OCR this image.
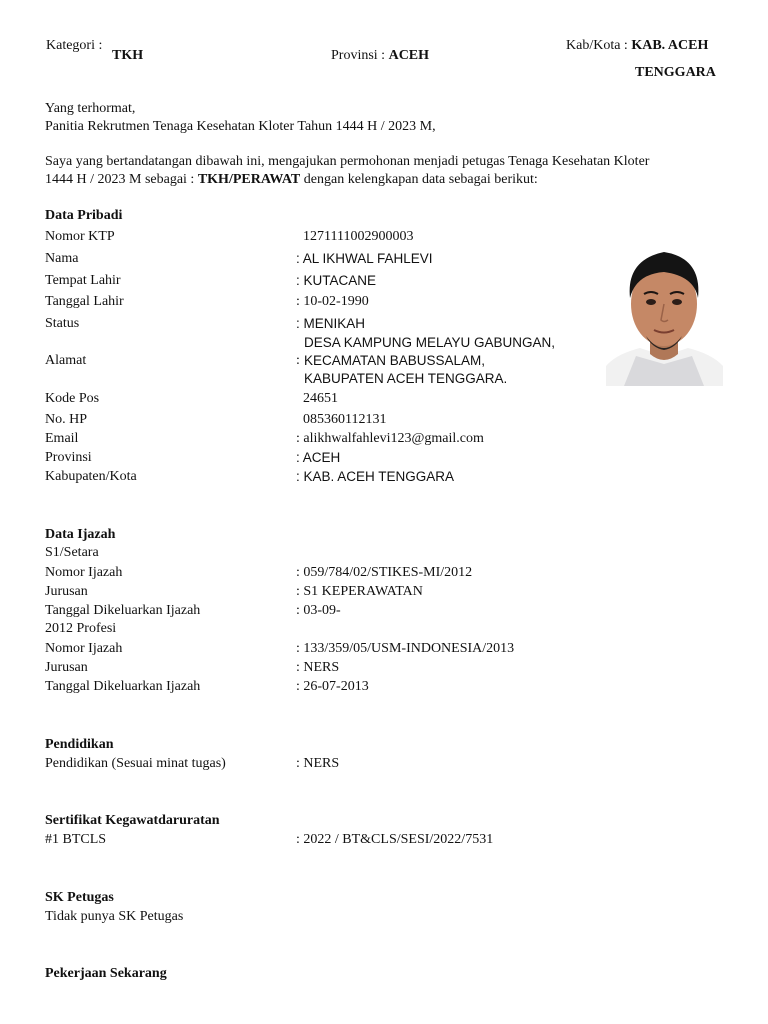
Kategori :
TKH	Provinsi : ACEH
Kab/Kota : KAB. ACEH
TENGGARA
Yang terhormat,
Panitia Rekrutmen Tenaga Kesehatan Kloter Tahun 1444 H / 2023 M,
Saya yang bertandatangan dibawah ini, mengajukan permohonan menjadi petugas Tenaga Kesehatan Kloter
1444 H / 2023 M sebagai : TKH/PERAWAT dengan kelengkapan data sebagai berikut:
Data Pribadi
Nomor KTP	1271111002900003
Nama	: AL IKHWAL FAHLEVI
Tempat Lahir	: KUTACANE
Tanggal Lahir	: 10-02-1990
Status	: MENIKAH
Alamat	:
DESA KAMPUNG MELAYU GABUNGAN,
KECAMATAN BABUSSALAM,
KABUPATEN ACEH TENGGARA.
Kode Pos	24651
No. HP	085360112131
Email	: alikhwalfahlevi123@gmail.com
Provinsi	: ACEH
Kabupaten/Kota	: KAB. ACEH TENGGARA
Data Ijazah
S1/Setara
Nomor Ijazah	: 059/784/02/STIKES-MI/2012
Jurusan	: S1 KEPERAWATAN
Tanggal Dikeluarkan Ijazah	: 03-09-
2012 Profesi
Nomor Ijazah	: 133/359/05/USM-INDONESIA/2013
Jurusan	: NERS
Tanggal Dikeluarkan Ijazah	: 26-07-2013
Pendidikan
Pendidikan (Sesuai minat tugas)	: NERS
Sertifikat Kegawatdaruratan
#1 BTCLS	: 2022 / BT&CLS/SESI/2022/7531
SK Petugas
Tidak punya SK Petugas
Pekerjaan Sekarang
